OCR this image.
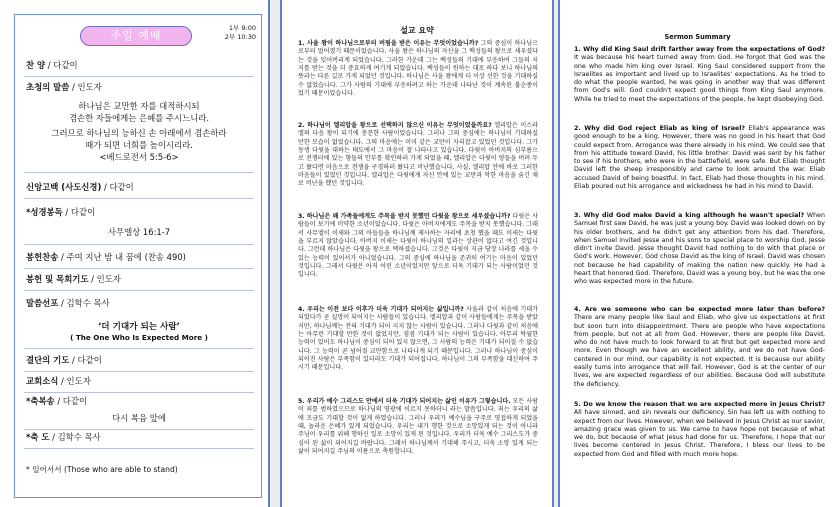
주일 예배
1부 9:00
2부 10:30
찬 양 / 다같이
초청의 말씀 / 인도자
하나님은 교만한 자를 대적하시되
겸손한 자들에게는 은혜를 주시느니라.
그러므로 하나님의 능하신 손 아래에서 겸손하라
때가 되면 너희를 높이시리라.
<베드로전서 5:5-6>
신앙고백 (사도신경) / 다같이
*성경봉독 / 다같이
사무엘상 16:1-7
봉헌찬송 / 주여 지난 밤 내 꿈에 (찬송 490)
봉헌 및 목회기도 / 인도자
말씀선포 / 김학수 목사
‘더 기대가 되는 사람’
( The One Who Is Expected More )
결단의 기도 / 다같이
교회소식 / 인도자
*축복송 / 다같이
다시 복음 앞에
*축 도 / 김학수 목사
* 일어서서 (Those who are able to stand)
설교 요약
1. 사울 왕이 하나님으로부터 버림을 받은 이유는 무엇이었습니까? 그의 중심이 하나님으로부터 멀어졌기 때문이었습니다. 사울 왕은 하나님의 자신을 그 백성들의 왕으로 세우셨다는 것을 잊어버리게 되었습니다. 그러한 가운데 그는 백성들의 기대에 부응하여 그들의 지지를 받는 것을 더 중요하게 여기게 되었습니다. 백성들이 원하는 대로 하다 보니 하나님의 뜻과는 다른 길로 가게 되었던 것입니다. 하나님은 사울 왕에게 더 이상 선한 것을 기대하실 수 없었습니다. 그가 사람의 기대에 부응하려고 하는 가운데 나타난 것이 계속된 불순종이었기 때문이었습니다.
2. 하나님이 엘리압을 왕으로 선택하지 않으신 이유는 무엇이었을까요? 엘리압은 이스라엘의 다음 왕이 되기에 충분한 사람이었습니다. 그러나 그의 중심에는 하나님이 기대하실 만한 모습이 없었습니다. 그의 마음에는 이미 같은 교만이 자리잡고 있었던 것입니다. 그가 동생 다윗을 대하는 태도에서 그 마음이 잘 나타나고 있습니다. 다윗이 아버지의 심부름으로 전쟁터에 있는 형들의 안부를 확인하러 가게 되었을 때, 엘리압은 다윗이 양들을 버려 두고 왔다면 마음으로 전쟁을 구경하러 왔다고 비난했습니다. 사실, 엘리압 안에 바로 그러한 마음들이 있었던 것입니다. 엘리압은 다윗에게 자신 안에 있는 교만과 악한 마음을 숨긴 채로 비난을 했던 것입니다.
3. 하나님은 왜 가족들에게도 주목을 받지 못했던 다윗을 왕으로 세우셨습니까? 다윗은 사람들이 보기에 미약한 소년이었습니다. 다윗은 아버지에게도 주목을 받지 못했습니다. 그래서 사무엘이 이새와 그의 아들들을 하나님께 제사하는 자리에 초청 했을 때도 이새는 다윗을 부르지 않았습니다. 아버지 이새는 다윗이 하나님의 일과는 상관이 없다고 여긴 것입니다. 그런데 하나님은 다윗을 왕으로 택하셨습니다. 그것은 다윗이 지금 당장 나라를 세울 수 있는 능력이 있어서가 아니었습니다. 그의 중심에 하나님을 존귀히 여기는 마음이 있었던 것입니다. 그래서 다윗은 아직 어린 소년이었지만 앞으로 더욱 기대가 되는 사람이었던 것입니다.
4. 우리는 이전 보다 이후가 더욱 기대가 되어지는 삶입니까? 사울과 같이 처음에 기대가 되었다가 곧 실망이 되어지는 사람들이 있습니다. 엘리압과 같이 사람들에게는 주목을 받았지만, 하나님께는 전혀 기대가 되어 지지 않는 사람이 있습니다. 그러나 다윗과 같이 처음에는 아무런 기대할 만한 것이 없었지만, 점점 기대가 되는 사람이 있습니다. 아무리 탁월한 능력이 있어도 하나님이 중심이 되어 있지 않으면, 그 사람의 능력은 기대가 되어질 수 없습니다. 그 능력이 곧 넘어질 교만함으로 나타나게 되기 때문입니다. 그러나 하나님이 중심이 되어진 사람은 부족함이 있더라도 기대가 되어집니다. 하나님이 그의 부족함을 대신하여 주시기 때문입니다.
5. 우리가 예수 그리스도 안에서 더욱 기대가 되어지는 삶인 이유가 그렇습니다. 모든 사람이 죄를 범하였으므로 하나님의 영광에 이르지 못하더니 라는 말씀입니다. 죄는 우리의 삶에 조금도 기대할 것이 없게 하였습니다. 그러나 우리가 예수님을 구주로 영접하게 되었을 때, 놀라운 은혜가 있게 되었습니다. 우리는 내가 행한 것으로 소망있게 되는 것이 아니라 주님이 우리를 위해 행하신 일로 소망이 있게 된 것입니다. 우리가 더욱 예수 그리스도가 중심이 된 삶이 되어지길 바랍니다. 그래서 하나님께서 기대해 주시고, 더욱 소망 있게 되는 삶이 되어지길 주님의 이름으로 축원합니다.
Sermon Summary
1. Why did King Saul drift farther away from the expectations of God? It was because his heart turned away from God. He forgot that God was the one who made him king over Israel. King Saul considered support from the Israelites as important and lived up to Israelites' expectations. As he tried to do what the people wanted, he was going in another way that was different from God's will. God couldn't expect good things from King Saul anymore. While he tried to meet the expectations of the people, he kept disobeying God.
2. Why did God reject Eliab as king of Israel? Eliab's appearance was good enough to be a king. However, there was no good in his heart that God could expect from. Arrogance was there already in his mind. We could see that from his attitude toward David, his little brother. David was sent by his father to see if his brothers, who were in the battlefield, were safe. But Eliab thought David left the sheep irresponsibly and came to look around the war. Eliab accused David of being boastful. In fact, Eliab had those thoughts in his mind. Eliab poured out his arrogance and wickedness he had in his mind to David.
3. Why did God make David a king although he wasn't special? When Samuel first saw David, he was just a young boy. David was looked down on by his older brothers, and he didn't get any attention from his dad. Therefore, when Samuel invited Jesse and his sons to special place to worship God, Jesse didn't invite David. Jesse thought David had nothing to do with that place or God's work. However, God chose David as the king of Israel. David was chosen not because he had capability of making the nation new quickly. He had a heart that honored God. Therefore, David was a young boy, but he was the one who was expected more in the future.
4. Are we someone who can be expected more later than before? There are many people like Saul and Eliab, who give us expectations at first but soon turn into disappointment. There are people who have expectations from people, but not at all from God. However, there are people like David, who do not have much to look forward to at first but get expected more and more. Even though we have an excellent ability, and we do not have God-centered in our mind, our capability is not expected. It is because our ability easily turns into arrogance that will fail. However, God is at the center of our lives, we are expected regardless of our abilities. Because God will substitute the deficiency.
5. Do we know the reason that we are expected more in Jesus Christ? All have sinned, and sin reveals our deficiency. Sin has left us with nothing to expect from our lives. However, when we believed in Jesus Christ as our savior, amazing grace was given to us. We came to have hope not because of what we do, but because of what Jesus had done for us. Therefore, I hope that our lives become centered in Jesus Christ. Therefore, I bless our lives to be expected from God and filled with much more hope.
